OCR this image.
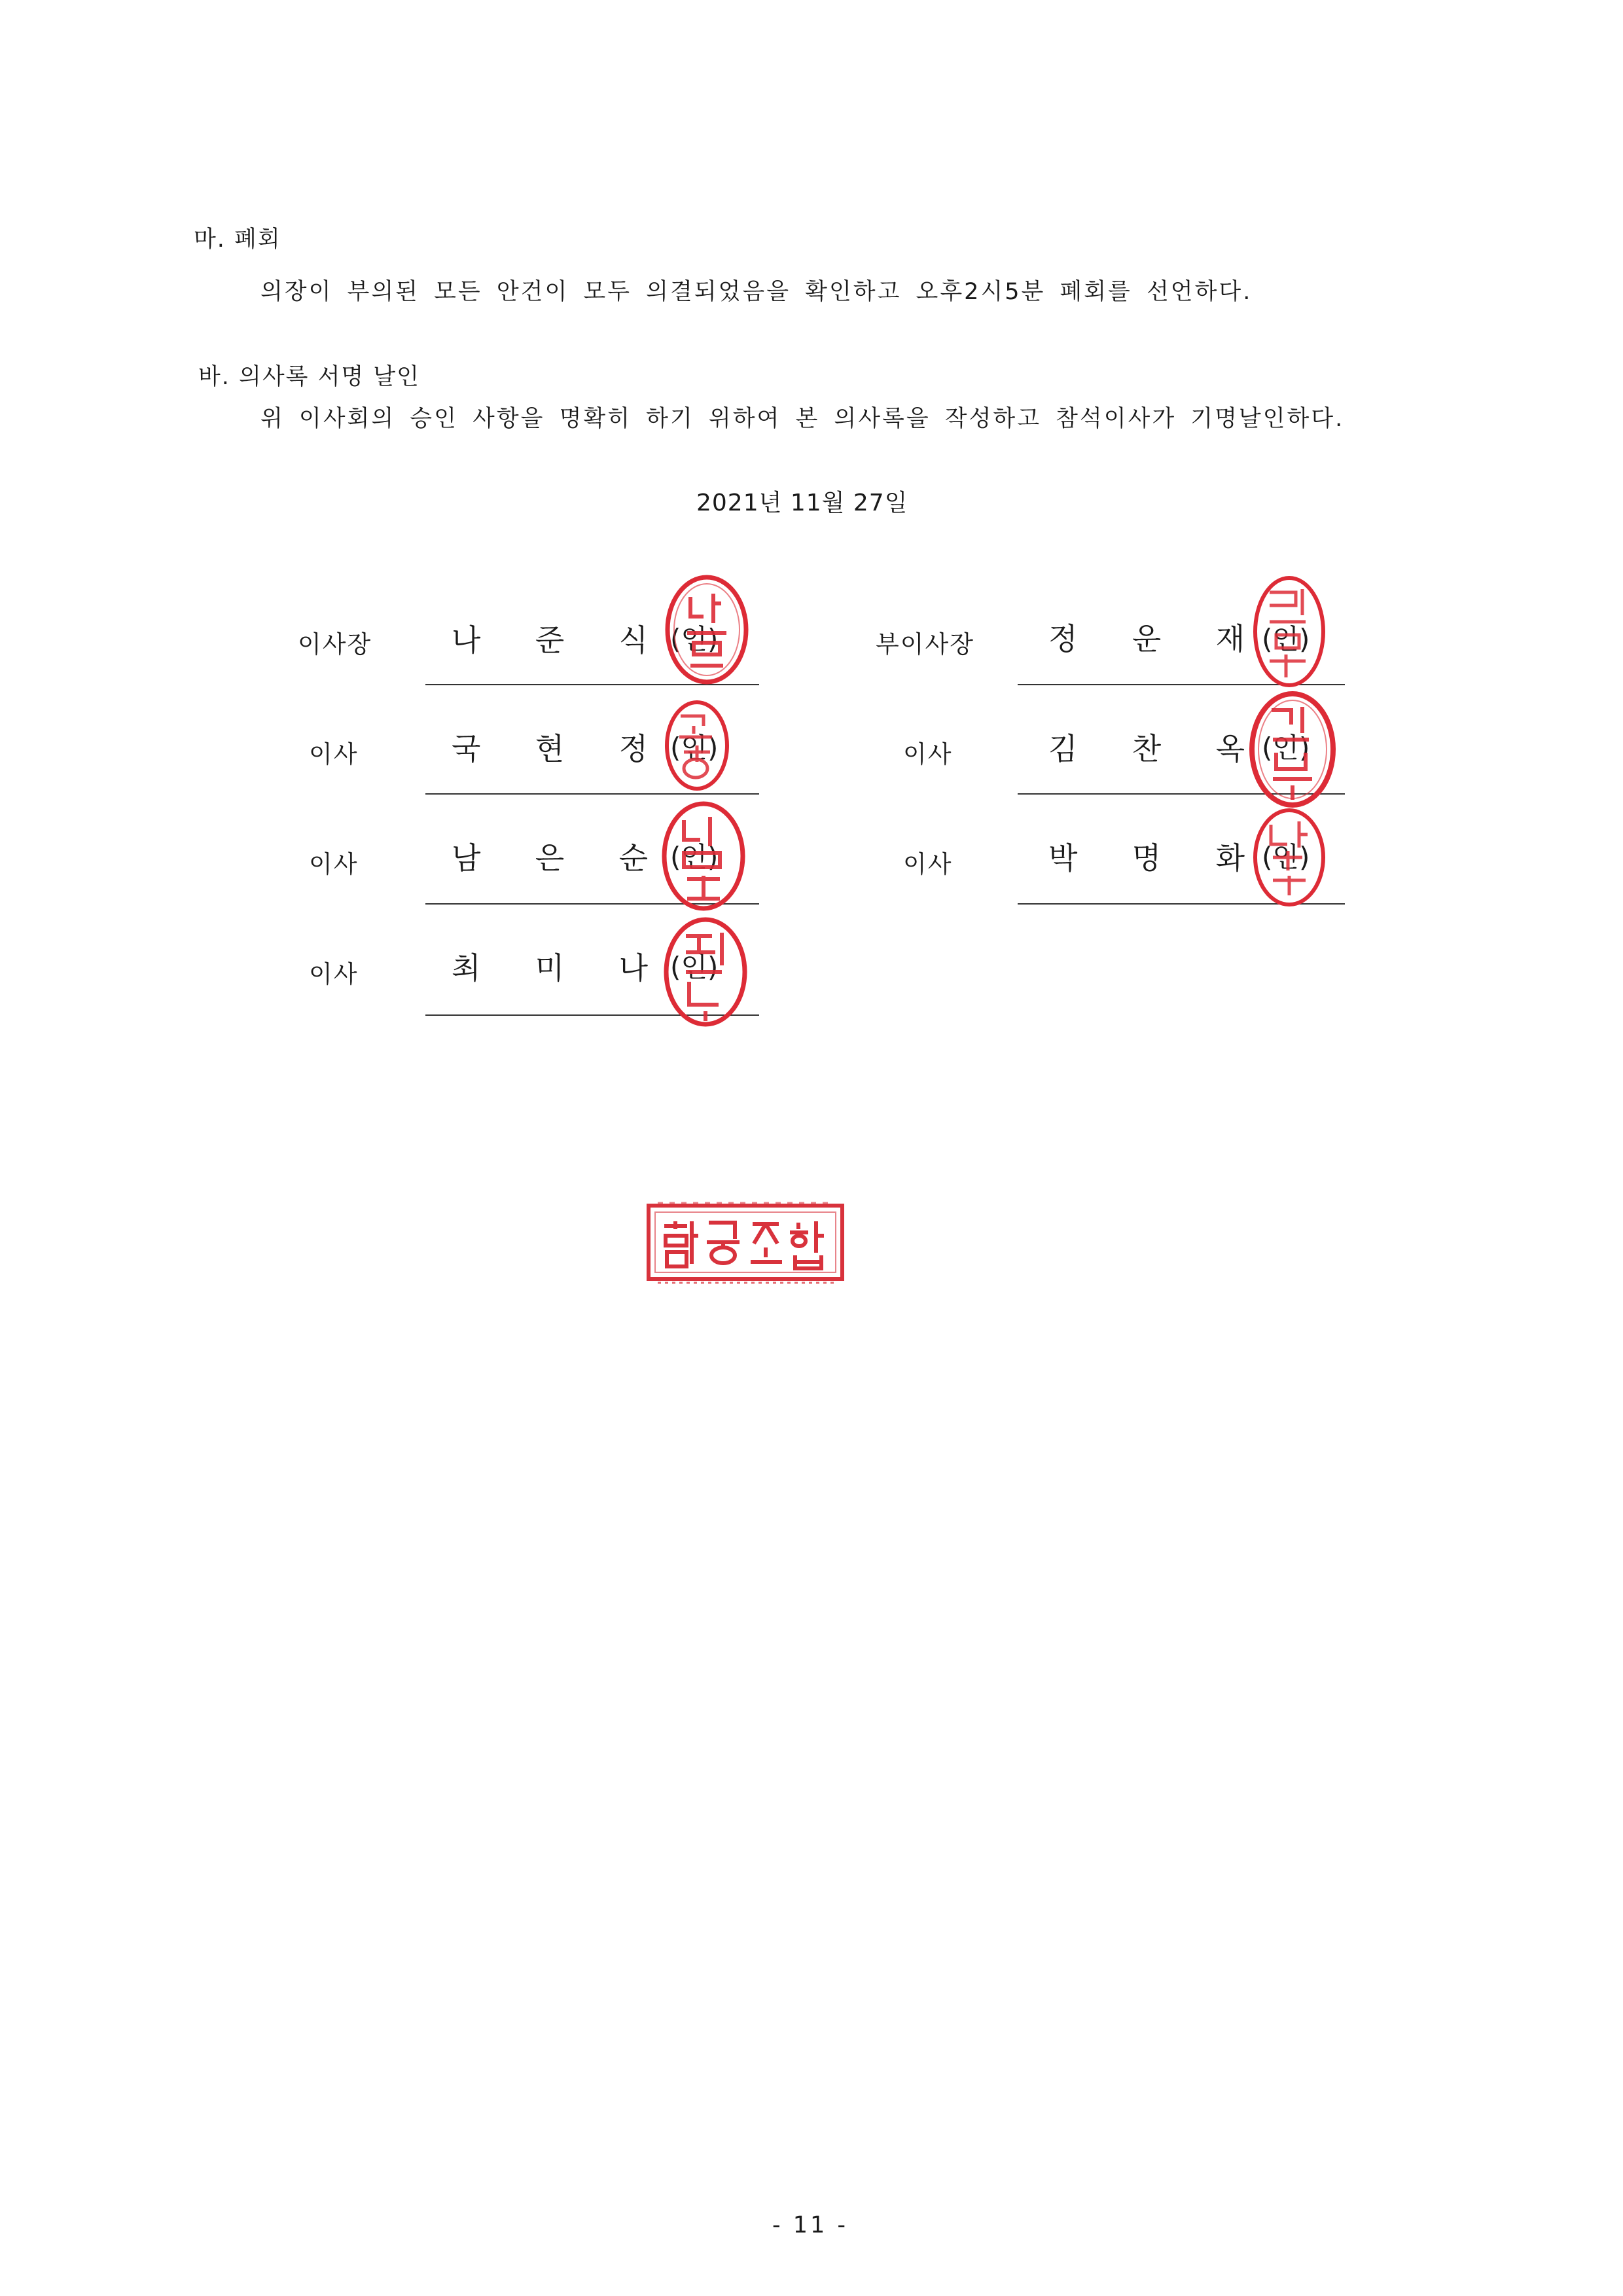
마. 폐회
의장이 부의된 모든 안건이 모두 의결되었음을 확인하고 오후2시5분 폐회를 선언하다.
바. 의사록 서명 날인
위 이사회의 승인 사항을 명확히 하기 위하여 본 의사록을 작성하고 참석이사가 기명날인하다.
2021년 11월 27일
이사장	나 준 식 (인)
이사	국 현 정 (인)
이사	남 은 순 (인)
이사	최 미 나 (인)
부이사장 정 운 재 (인)
이사	김 찬 옥 (인)
이사	박 명 화 (인)
- 11 -
